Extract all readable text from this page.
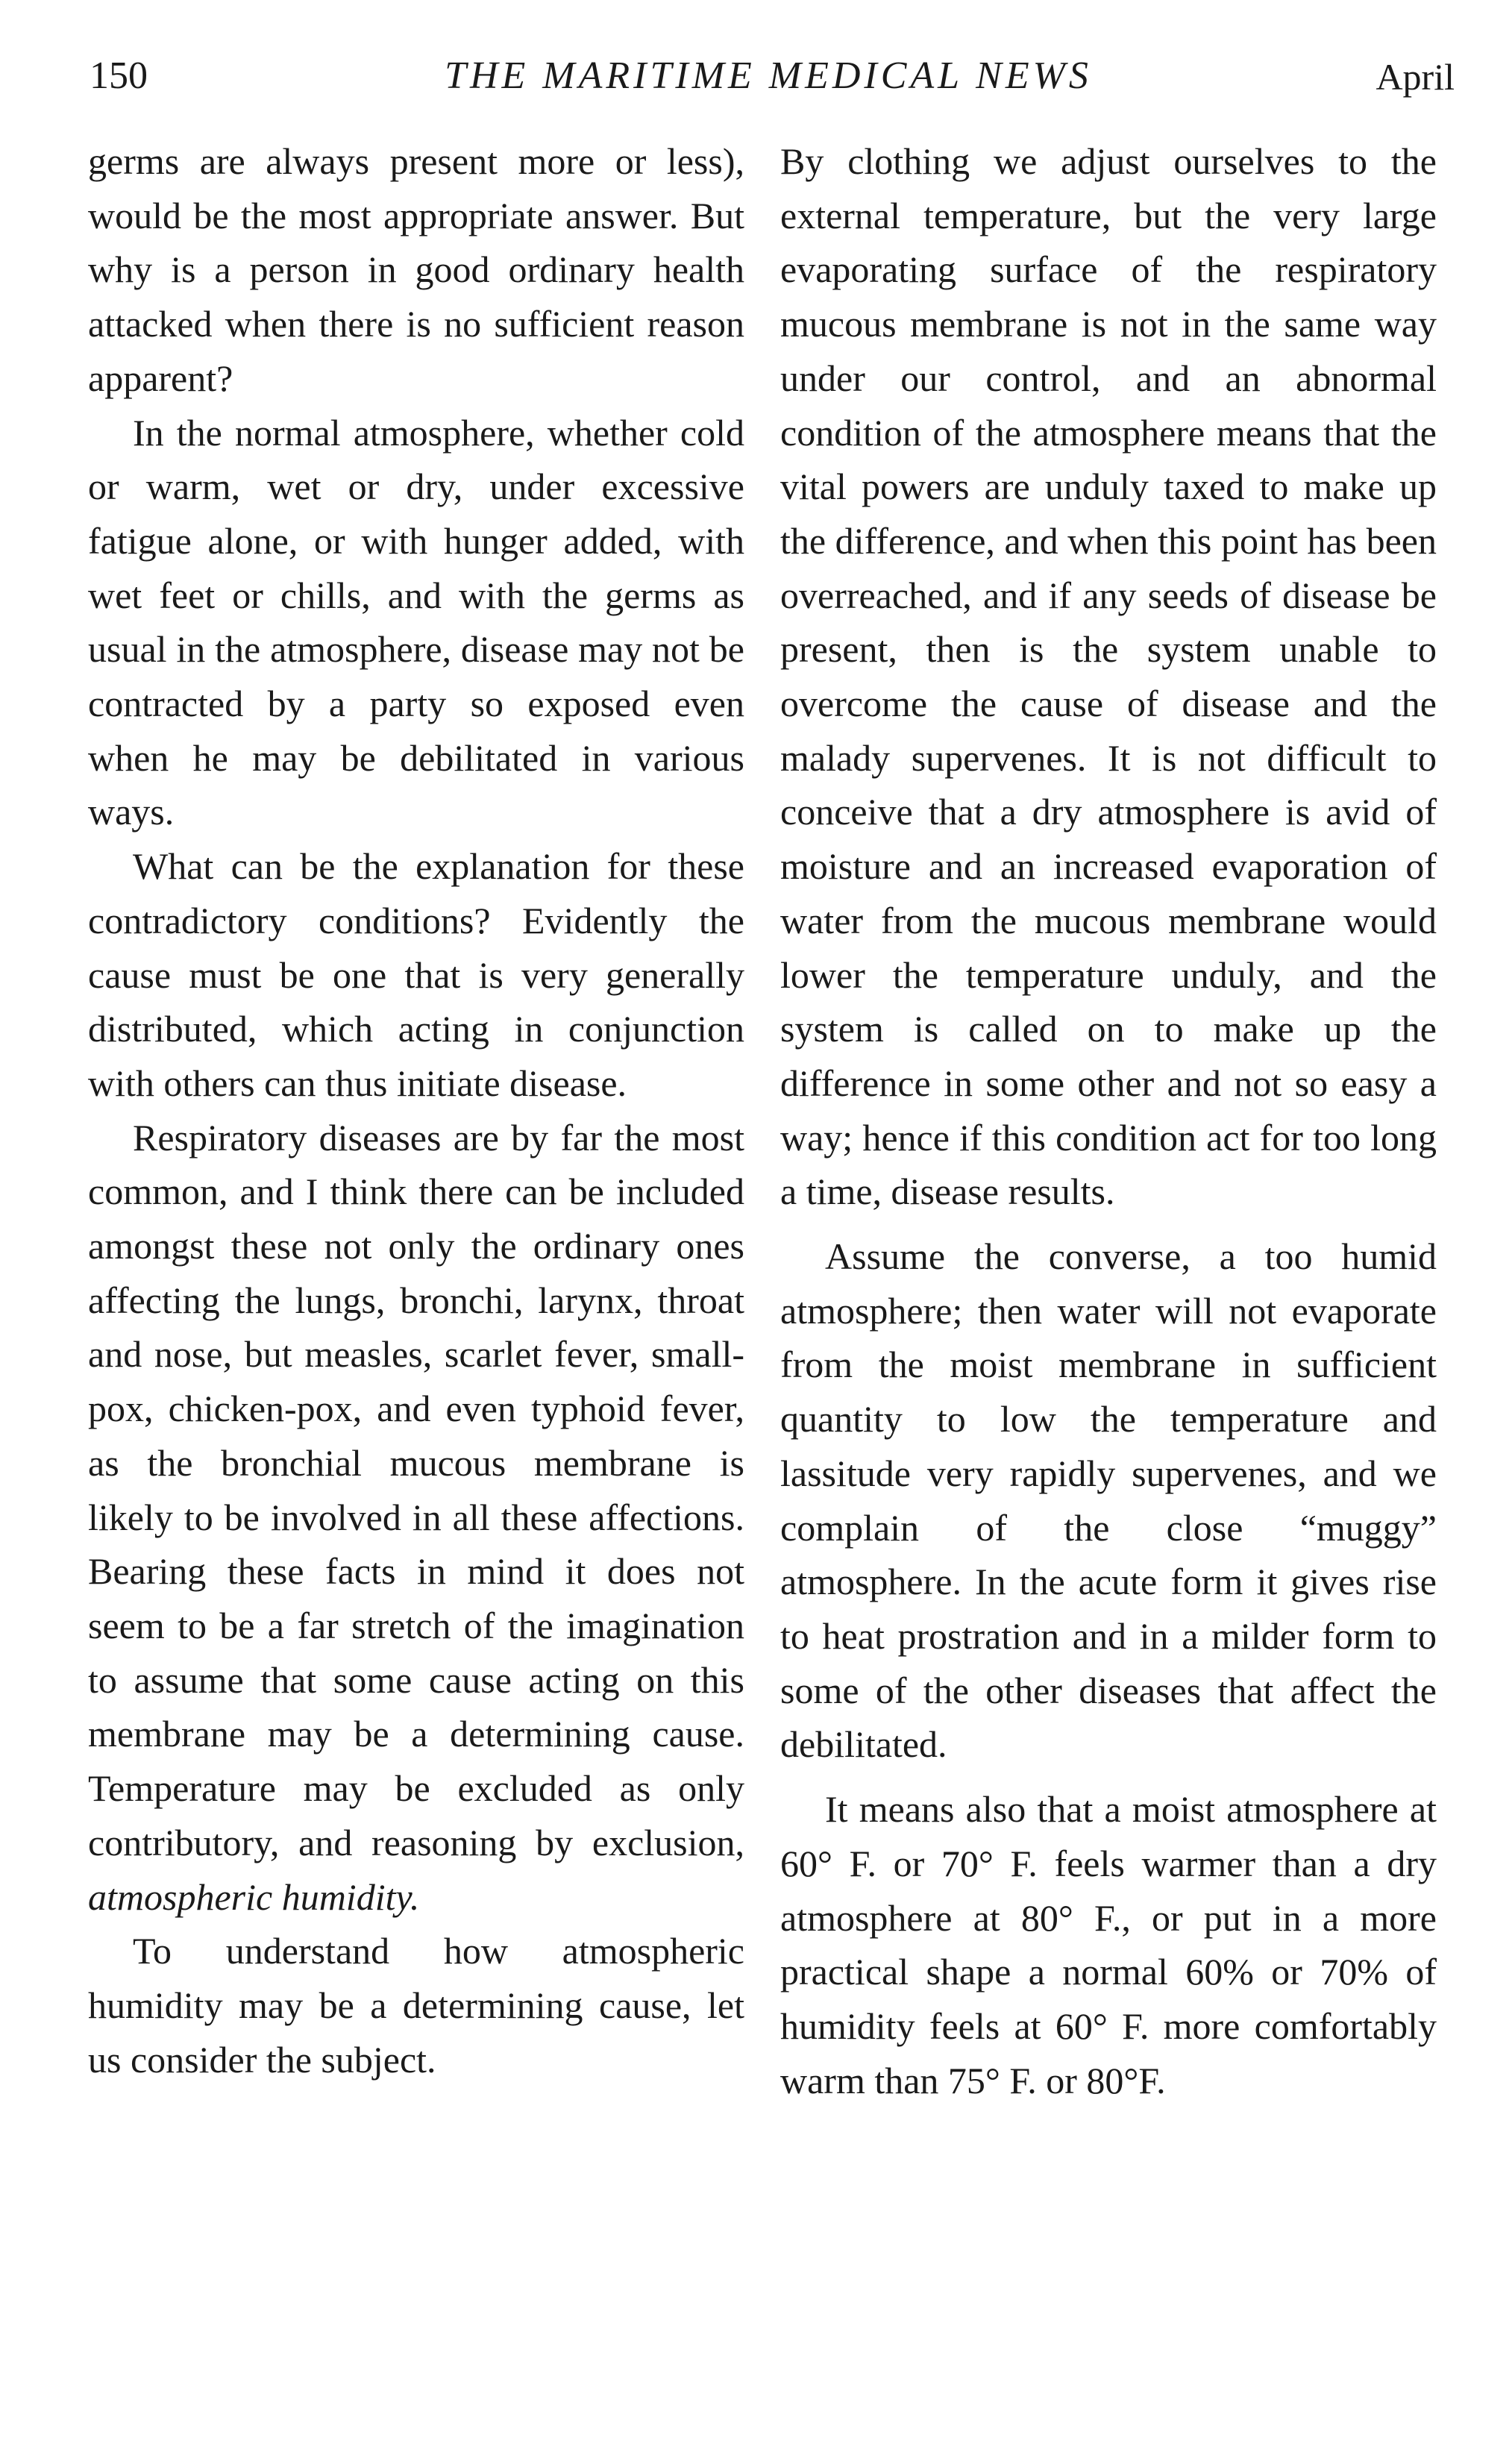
150	THE MARITIME MEDICAL NEWS	April

germs are always present more or less), would be the most appropriate answer. But why is a person in good ordinary health attacked when there is no sufficient reason apparent?

In the normal atmosphere, whether cold or warm, wet or dry, under excessive fatigue alone, or with hunger added, with wet feet or chills, and with the germs as usual in the atmosphere, disease may not be contracted by a party so exposed even when he may be debilitated in various ways.

What can be the explanation for these contradictory conditions? Evidently the cause must be one that is very generally distributed, which acting in conjunction with others can thus initiate disease.

Respiratory diseases are by far the most common, and I think there can be included amongst these not only the ordinary ones affecting the lungs, bronchi, larynx, throat and nose, but measles, scarlet fever, small-pox, chicken-pox, and even typhoid fever, as the bronchial mucous membrane is likely to be involved in all these affections. Bearing these facts in mind it does not seem to be a far stretch of the imagination to assume that some cause acting on this membrane may be a determining cause. Temperature may be excluded as only contributory, and reasoning by exclusion, atmospheric humidity.

To understand how atmospheric humidity may be a determining cause, let us consider the subject.

By clothing we adjust ourselves to the external temperature, but the very large evaporating surface of the respiratory mucous membrane is not in the same way under our control, and an abnormal condition of the atmosphere means that the vital powers are unduly taxed to make up the difference, and when this point has been overreached, and if any seeds of disease be present, then is the system unable to overcome the cause of disease and the malady supervenes. It is not difficult to conceive that a dry atmosphere is avid of moisture and an increased evaporation of water from the mucous membrane would lower the temperature unduly, and the system is called on to make up the difference in some other and not so easy a way; hence if this condition act for too long a time, disease results.

Assume the converse, a too humid atmosphere; then water will not evaporate from the moist membrane in sufficient quantity to low the temperature and lassitude very rapidly supervenes, and we complain of the close “muggy” atmosphere. In the acute form it gives rise to heat prostration and in a milder form to some of the other diseases that affect the debilitated.

It means also that a moist atmosphere at 60° F. or 70° F. feels warmer than a dry atmosphere at 80° F., or put in a more practical shape a normal 60% or 70% of humidity feels at 60° F. more comfortably warm than 75° F. or 80°F.
